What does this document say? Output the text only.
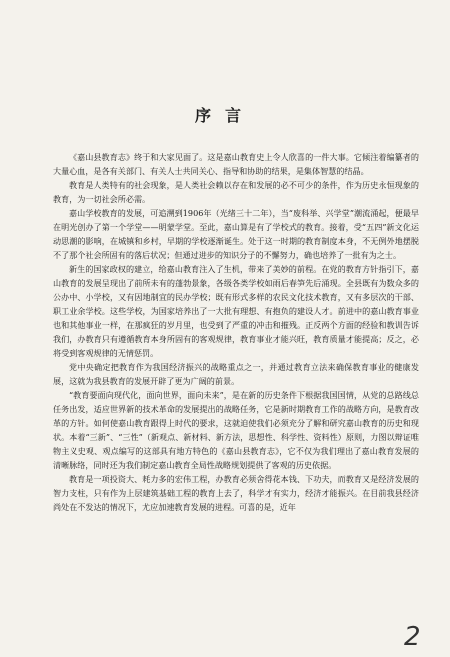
序言

《嘉山县教育志》终于和大家见面了。这是嘉山教育史上令人欣喜的一件大事。它倾注着编纂者的大量心血，是各有关部门、有关人士共同关心、指导和协助的结果，是集体智慧的结晶。

教育是人类特有的社会现象，是人类社会赖以存在和发展的必不可少的条件，作为历史永恒现象的教育，为一切社会所必需。

嘉山学校教育的发展，可追溯到1906年（光绪三十二年），当“废科举、兴学堂”潮流涌起，便最早在明光创办了第一个学堂——明蒙学堂。至此，嘉山算是有了学校式的教育。接着，受“五四”新文化运动思潮的影响，在城镇和乡村，早期的学校逐渐诞生。处于这一时期的教育制度本身，不无例外地摆脱不了那个社会所固有的落后状况；但通过进步的知识分子的不懈努力，确也培养了一批有为之士。

新生的国家政权的建立，给嘉山教育注入了生机，带来了美妙的前程。在党的教育方针指引下，嘉山教育的发展呈现出了前所未有的蓬勃景象，各级各类学校如雨后春笋先后涌现。全县既有为数众多的公办中、小学校，又有因地制宜的民办学校；既有形式多样的农民文化技术教育，又有多层次的干部、职工业余学校。这些学校，为国家培养出了一大批有理想、有抱负的建设人才。前进中的嘉山教育事业也和其他事业一样，在那疯狂的岁月里，也受到了严重的冲击和摧残。正反两个方面的经验和教训告诉我们，办教育只有遵循教育本身所固有的客观规律，教育事业才能兴旺，教育质量才能提高；反之，必将受到客观规律的无情惩罚。

党中央确定把教育作为我国经济振兴的战略重点之一，并通过教育立法来确保教育事业的健康发展，这就为我县教育的发展开辟了更为广阔的前景。

“教育要面向现代化，面向世界，面向未来”，是在新的历史条件下根据我国国情，从党的总路线总任务出发，适应世界新的技术革命的发展提出的战略任务，它是新时期教育工作的战略方向，是教育改革的方针。如何使嘉山教育跟得上时代的要求，这就迫使我们必须充分了解和研究嘉山教育的历史和现状。本着“三新”、“三性”（新观点、新材料、新方法，思想性、科学性、资料性）原则，力图以辩证唯物主义史观、观点编写的这部具有地方特色的《嘉山县教育志》，它不仅为我们理出了嘉山教育发展的清晰脉络，同时还为我们制定嘉山教育全局性战略规划提供了客观的历史依据。

教育是一项投资大、耗力多的宏伟工程，办教育必须舍得花本钱、下功夫，而教育又是经济发展的智力支柱，只有作为上层建筑基础工程的教育上去了，科学才有实力，经济才能振兴。在目前我县经济尚处在不发达的情况下，尤应加速教育发展的进程。可喜的是，近年

2
